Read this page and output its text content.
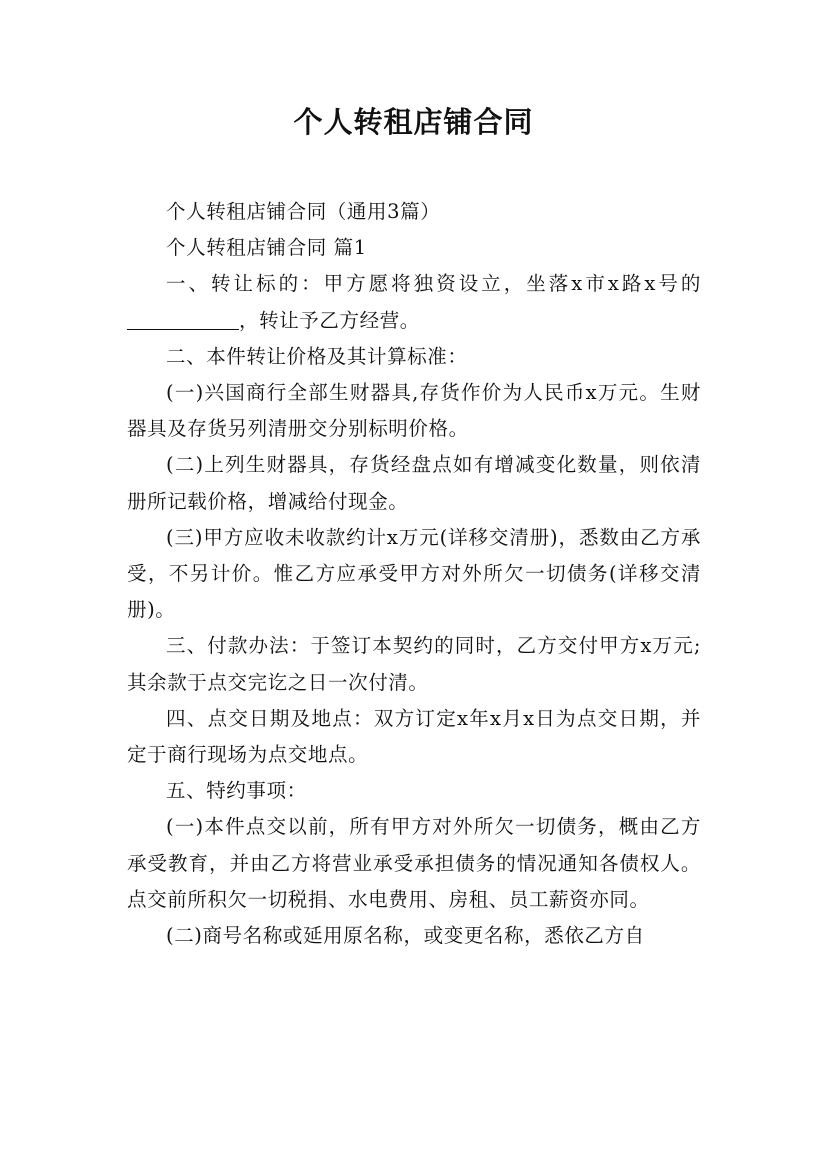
个人转租店铺合同

个人转租店铺合同（通用3篇）

个人转租店铺合同 篇1

一、转让标的：甲方愿将独资设立，坐落x市x路x号的，转让予乙方经营。

二、本件转让价格及其计算标准：

(一)兴国商行全部生财器具,存货作价为人民币x万元。生财器具及存货另列清册交分别标明价格。

(二)上列生财器具，存货经盘点如有增减变化数量，则依清册所记载价格，增减给付现金。

(三)甲方应收未收款约计x万元(详移交清册)，悉数由乙方承受，不另计价。惟乙方应承受甲方对外所欠一切债务(详移交清册)。

三、付款办法：于签订本契约的同时，乙方交付甲方x万元;其余款于点交完讫之日一次付清。

四、点交日期及地点：双方订定x年x月x日为点交日期，并定于商行现场为点交地点。

五、特约事项：

(一)本件点交以前，所有甲方对外所欠一切债务，概由乙方承受教育，并由乙方将营业承受承担债务的情况通知各债权人。点交前所积欠一切税捐、水电费用、房租、员工薪资亦同。

(二)商号名称或延用原名称，或变更名称，悉依乙方自
